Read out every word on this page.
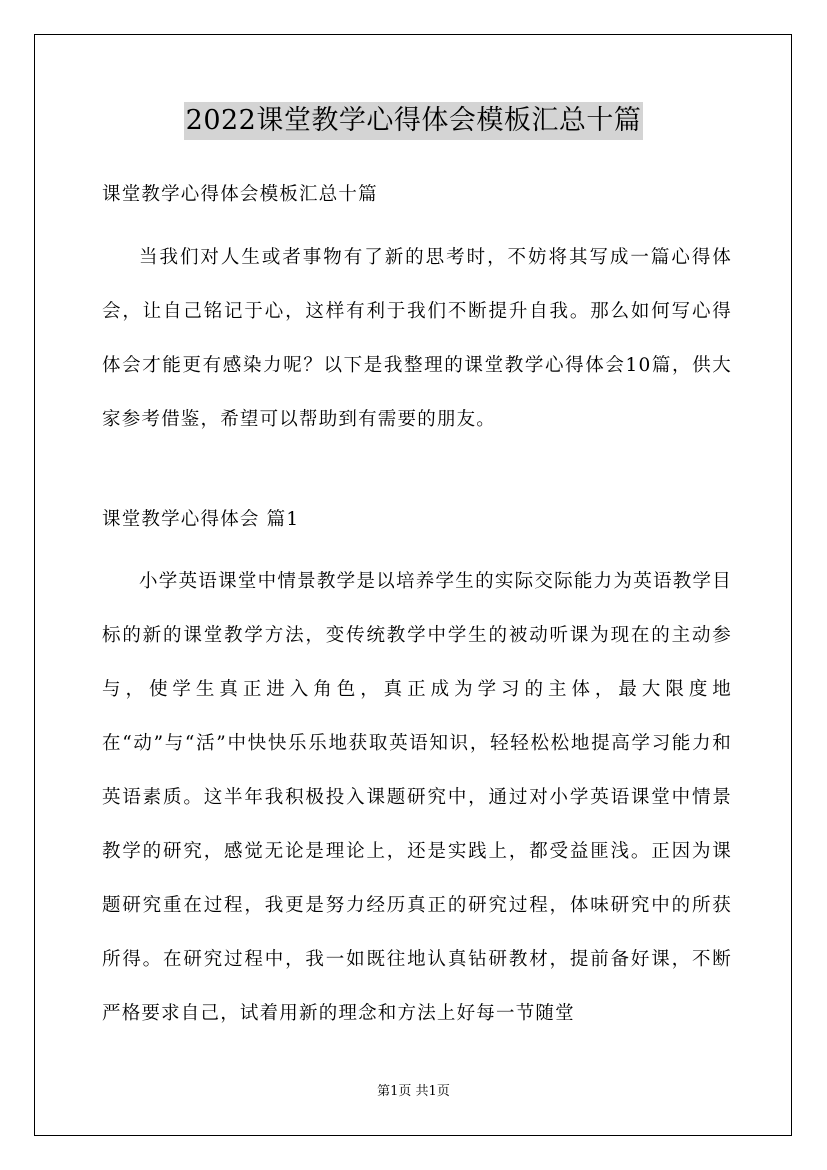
2022课堂教学心得体会模板汇总十篇
课堂教学心得体会模板汇总十篇
当我们对人生或者事物有了新的思考时，不妨将其写成一篇心得体会，让自己铭记于心，这样有利于我们不断提升自我。那么如何写心得体会才能更有感染力呢？以下是我整理的课堂教学心得体会10篇，供大家参考借鉴，希望可以帮助到有需要的朋友。
课堂教学心得体会 篇1
小学英语课堂中情景教学是以培养学生的实际交际能力为英语教学目标的新的课堂教学方法，变传统教学中学生的被动听课为现在的主动参与，使学生真正进入角色，真正成为学习的主体，最大限度地在“动”与“活”中快快乐乐地获取英语知识，轻轻松松地提高学习能力和英语素质。这半年我积极投入课题研究中，通过对小学英语课堂中情景教学的研究，感觉无论是理论上，还是实践上，都受益匪浅。正因为课题研究重在过程，我更是努力经历真正的研究过程，体味研究中的所获所得。在研究过程中，我一如既往地认真钻研教材，提前备好课，不断严格要求自己，试着用新的理念和方法上好每一节随堂
第1页 共1页
